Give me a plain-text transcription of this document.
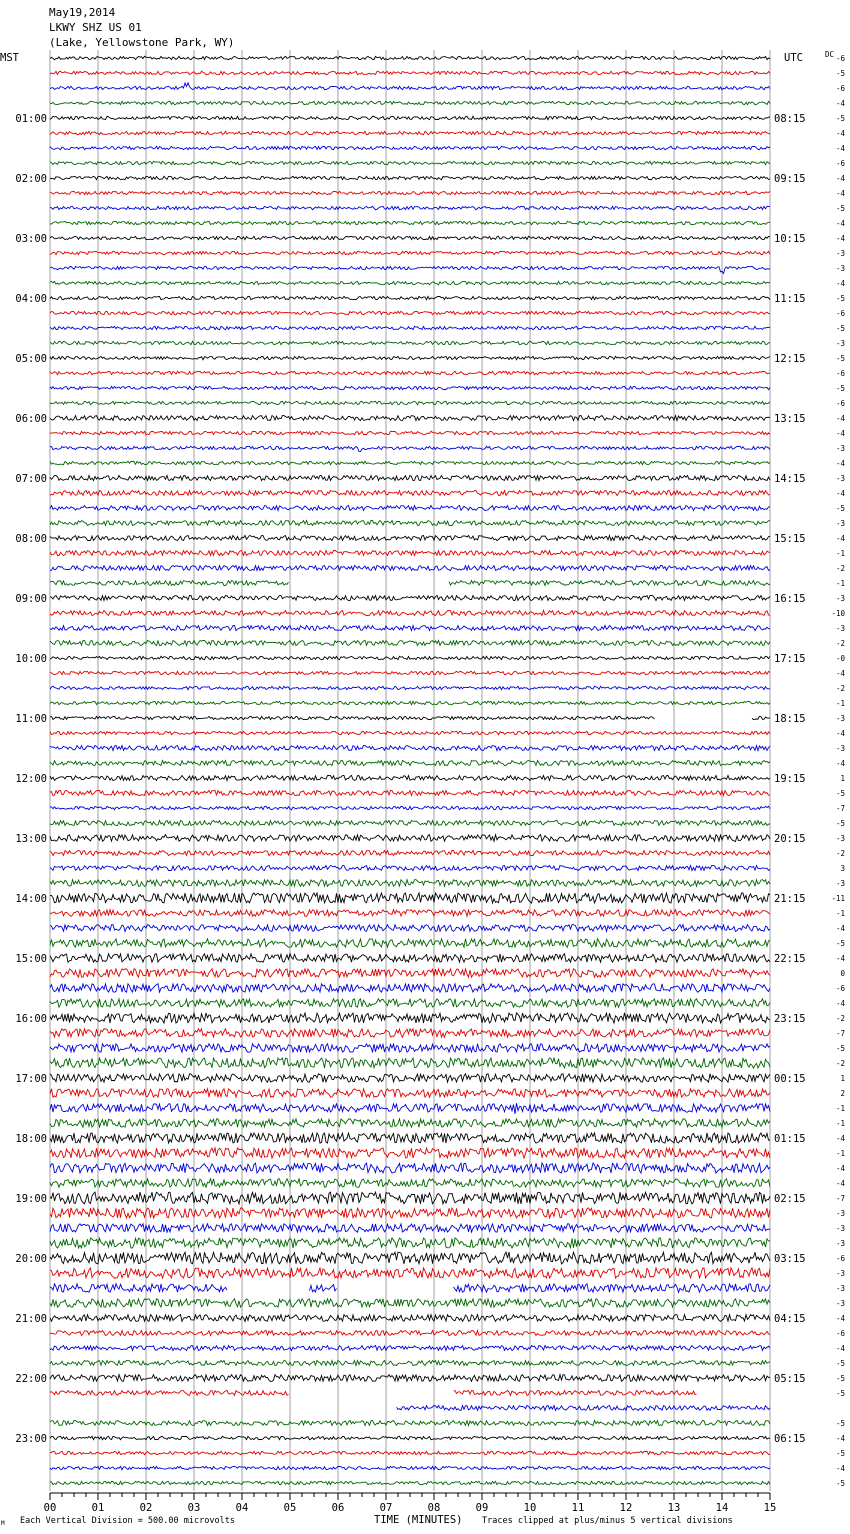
May19,2014
LKWY SHZ US 01
(Lake, Yellowstone Park, WY)
MST	UTC	DC
01:00
02:00
03:00
04:00
05:00
06:00
07:00
08:00
09:00
10:00
11:00
12:00
13:00
14:00
15:00
16:00
17:00
18:00
19:00
20:00
21:00
22:00
23:00
08:15
09:15
10:15
11:15
12:15
13:15
14:15
15:15
16:15
17:15
18:15
19:15
20:15
21:15
22:15
23:15
00:15
01:15
02:15
03:15
04:15
05:15
06:15
-6
-5
-6
-4
-5
-4
-4
-6
-4
-4
-5
-4
-4
-3
-3
-4
-5
-6
-5
-3
-5
-6
-5
-6
-4
-4
-3
-4
-3
-4
-5
-3
-4
-1
-2
-1
-3
-10
-3
-2
-0
-4
-2
-1
-3
-4
-3
-4
1
-5
-7
-5
-3
-2
3
-3
-11
-1
-4
-5
-4
0
-6
-4
-2
-7
-5
-2
1
2
-1
-1
-4
-1
-4
-4
-7
-3
-3
-3
-6
-3
-3
-3
-4
-6
-4
-5
-5
-5
-5
-4
-5
-4
-5
00	01	02	03	04	05	06	07	08	09	10	11	12	13	14	15
M Each Vertical Division = 500.00 microvolts	TIME (MINUTES) Traces clipped at plus/minus 5 vertical divisions
